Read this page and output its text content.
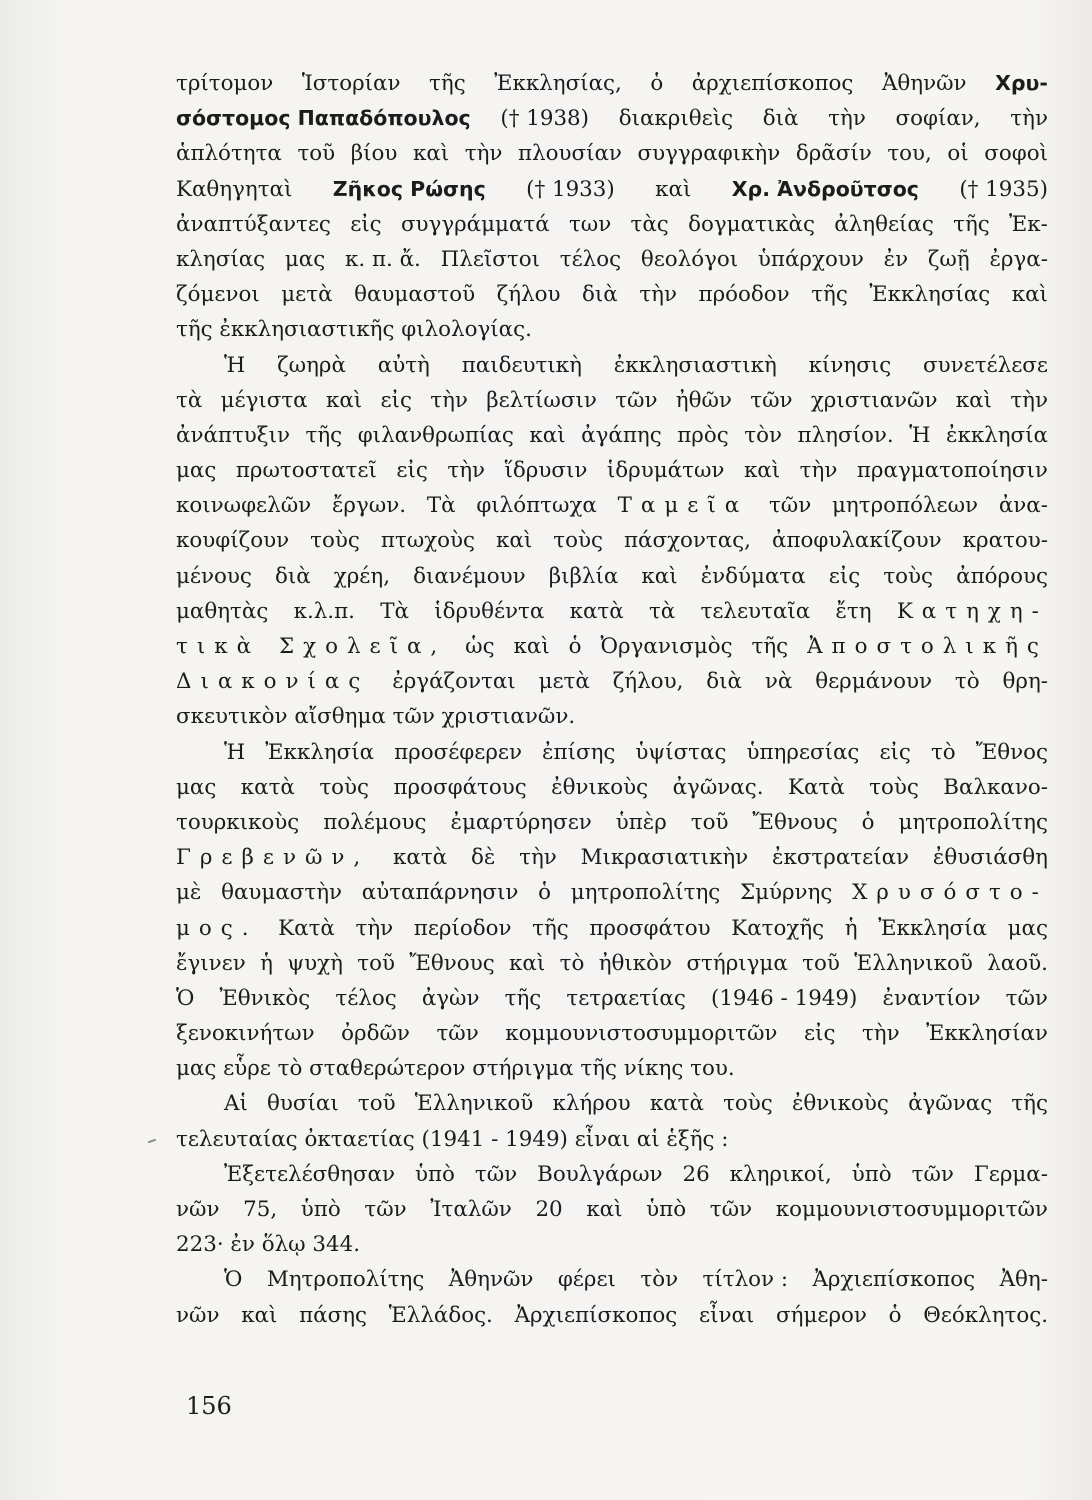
τρίτομον Ἱστορίαν τῆς Ἐκκλησίας, ὁ ἀρχιεπίσκοπος Ἀθηνῶν Χρυ-
σόστομος Παπαδόπουλος († 1938) διακριθεὶς διὰ τὴν σοφίαν, τὴν
ἁπλότητα τοῦ βίου καὶ τὴν πλουσίαν συγγραφικὴν δρᾶσίν του, οἱ σοφοὶ
Καθηγηταὶ Ζῆκος Ρώσης († 1933) καὶ Χρ. Ἀνδροῦτσος († 1935)
ἀναπτύξαντες εἰς συγγράμματά των τὰς δογματικὰς ἀληθείας τῆς Ἐκ-
κλησίας μας κ. π. ἄ. Πλεῖστοι τέλος θεολόγοι ὑπάρχουν ἐν ζωῇ ἐργα-
ζόμενοι μετὰ θαυμαστοῦ ζήλου διὰ τὴν πρόοδον τῆς Ἐκκλησίας καὶ
τῆς ἐκκλησιαστικῆς φιλολογίας.
Ἡ ζωηρὰ αὐτὴ παιδευτικὴ ἐκκλησιαστικὴ κίνησις συνετέλεσε
τὰ μέγιστα καὶ εἰς τὴν βελτίωσιν τῶν ἠθῶν τῶν χριστιανῶν καὶ τὴν
ἀνάπτυξιν τῆς φιλανθρωπίας καὶ ἀγάπης πρὸς τὸν πλησίον. Ἡ ἐκκλησία
μας πρωτοστατεῖ εἰς τὴν ἵδρυσιν ἱδρυμάτων καὶ τὴν πραγματοποίησιν
κοινωφελῶν ἔργων. Τὰ φιλόπτωχα Ταμεῖα τῶν μητροπόλεων ἀνα-
κουφίζουν τοὺς πτωχοὺς καὶ τοὺς πάσχοντας, ἀποφυλακίζουν κρατου-
μένους διὰ χρέη, διανέμουν βιβλία καὶ ἐνδύματα εἰς τοὺς ἀπόρους
μαθητὰς κ.λ.π. Τὰ ἱδρυθέντα κατὰ τὰ τελευταῖα ἔτη Κατηχη-
τικὰ Σχολεῖα, ὡς καὶ ὁ Ὀργανισμὸς τῆς Ἀποστολικῆς
Διακονίας ἐργάζονται μετὰ ζήλου, διὰ νὰ θερμάνουν τὸ θρη-
σκευτικὸν αἴσθημα τῶν χριστιανῶν.
Ἡ Ἐκκλησία προσέφερεν ἐπίσης ὑψίστας ὑπηρεσίας εἰς τὸ Ἔθνος
μας κατὰ τοὺς προσφάτους ἐθνικοὺς ἀγῶνας. Κατὰ τοὺς Βαλκανο-
τουρκικοὺς πολέμους ἐμαρτύρησεν ὑπὲρ τοῦ Ἔθνους ὁ μητροπολίτης
Γρεβενῶν, κατὰ δὲ τὴν Μικρασιατικὴν ἐκστρατείαν ἐθυσιάσθη
μὲ θαυμαστὴν αὐταπάρνησιν ὁ μητροπολίτης Σμύρνης Χρυσόστο-
μος. Κατὰ τὴν περίοδον τῆς προσφάτου Κατοχῆς ἡ Ἐκκλησία μας
ἔγινεν ἡ ψυχὴ τοῦ Ἔθνους καὶ τὸ ἠθικὸν στήριγμα τοῦ Ἑλληνικοῦ λαοῦ.
Ὁ Ἐθνικὸς τέλος ἀγὼν τῆς τετραετίας (1946 - 1949) ἐναντίον τῶν
ξενοκινήτων ὀρδῶν τῶν κομμουνιστοσυμμοριτῶν εἰς τὴν Ἐκκλησίαν
μας εὗρε τὸ σταθερώτερον στήριγμα τῆς νίκης του.
Αἱ θυσίαι τοῦ Ἑλληνικοῦ κλήρου κατὰ τοὺς ἐθνικοὺς ἀγῶνας τῆς
τελευταίας ὀκταετίας (1941 - 1949) εἶναι αἱ ἑξῆς :
Ἐξετελέσθησαν ὑπὸ τῶν Βουλγάρων 26 κληρικοί, ὑπὸ τῶν Γερμα-
νῶν 75, ὑπὸ τῶν Ἰταλῶν 20 καὶ ὑπὸ τῶν κομμουνιστοσυμμοριτῶν
223· ἐν ὅλῳ 344.
Ὁ Μητροπολίτης Ἀθηνῶν φέρει τὸν τίτλον : Ἀρχιεπίσκοπος Ἀθη-
νῶν καὶ πάσης Ἑλλάδος. Ἀρχιεπίσκοπος εἶναι σήμερον ὁ Θεόκλητος.
156
